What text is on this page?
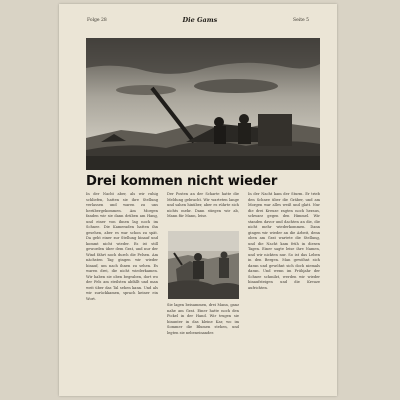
Folge 28	Die Gams	Seite 5
Drei kommen nicht wieder
In der Nacht aber, als wir ruhig schliefen, hatten sie ihre Stellung verlassen und waren zu uns herübergekommen. Am Morgen fanden wir sie dann drüben am Hang, und einer von ihnen lag noch im Schnee. Die Kameraden hatten ihn gesehen, aber es war schon zu spät. Da geht einer zur Stellung hinauf und kommt nicht wieder. Es ist still geworden über dem Grat, und nur der Wind fährt noch durch die Felsen. Am nächsten Tag gingen wir wieder hinauf, um nach ihnen zu sehen. Es waren drei, die nicht wiederkamen. Wir haben sie oben begraben, dort wo der Fels am steilsten abfällt und man weit über das Tal sehen kann. Und als wir zurückkamen, sprach keiner ein Wort.
Der Posten an der Scharte hatte die Meldung gebracht. Wir warteten lange und sahen hinüber, aber es rührte sich nichts mehr. Dann stiegen wir ab, Mann für Mann, leise.
Sie lagen beisammen, drei Mann, ganz nahe am Grat. Einer hatte noch den Pickel in der Hand. Wir trugen sie hinunter in das kleine Kar, wo im Sommer die Blumen stehen, und legten sie nebeneinander.
In der Nacht kam der Sturm. Er trieb den Schnee über die Gräber, und am Morgen war alles weiß und glatt. Nur die drei Kreuze ragten noch heraus, schwarz gegen den Himmel. Wir standen davor und dachten an die, die nicht mehr wiederkommen. Dann gingen wir wieder an die Arbeit, denn oben am Grat wartete die Stellung, und die Nacht kam früh in diesen Tagen. Einer sagte leise ihre Namen, und wir nickten nur. So ist das Leben in den Bergen. Man gewöhnt sich daran und gewöhnt sich doch niemals daran. Und wenn im Frühjahr der Schnee schmilzt, werden wir wieder hinaufsteigen und die Kreuze aufrichten.
